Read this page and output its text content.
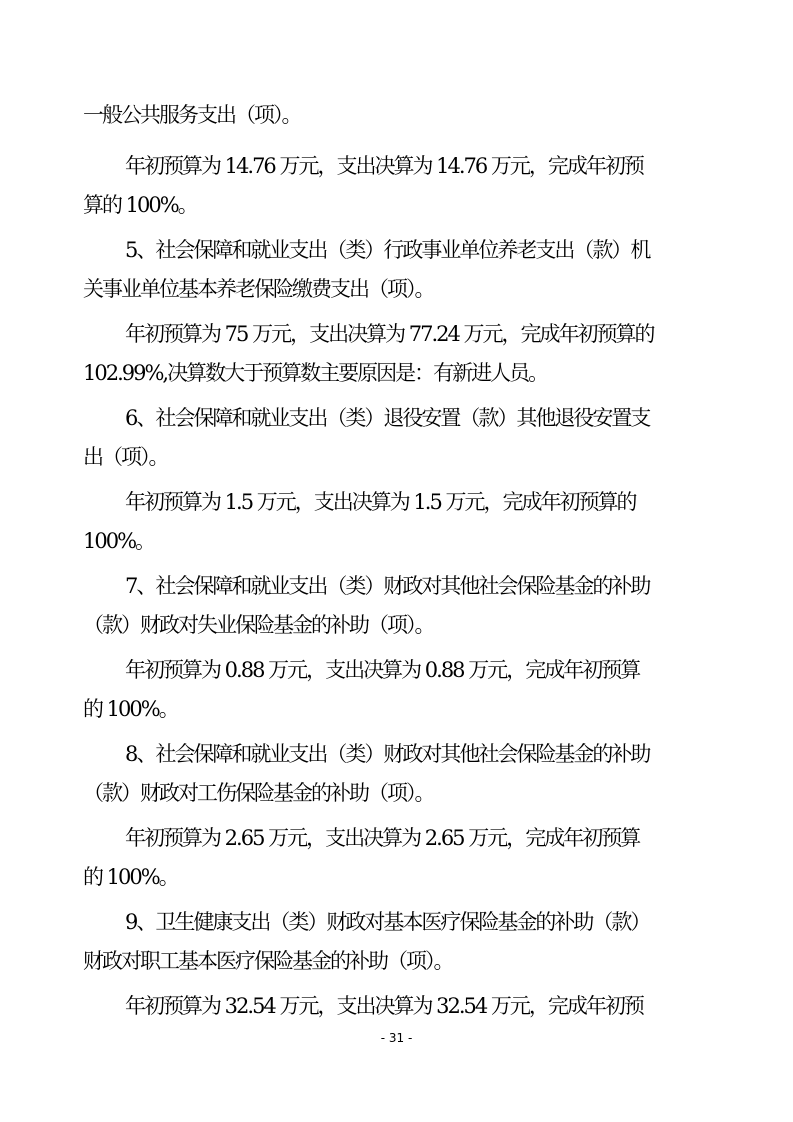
一般公共服务支出（项）。
年初预算为 14.76 万元，支出决算为 14.76 万元，完成年初预
算的 100%。
5、社会保障和就业支出（类）行政事业单位养老支出（款）机
关事业单位基本养老保险缴费支出（项）。
年初预算为 75 万元，支出决算为 77.24 万元，完成年初预算的
102.99%,决算数大于预算数主要原因是：有新进人员。
6、社会保障和就业支出（类）退役安置（款）其他退役安置支
出（项）。
年初预算为 1.5 万元，支出决算为 1.5 万元，完成年初预算的
100%。
7、社会保障和就业支出（类）财政对其他社会保险基金的补助
（款）财政对失业保险基金的补助（项）。
年初预算为 0.88 万元，支出决算为 0.88 万元，完成年初预算
的 100%。
8、社会保障和就业支出（类）财政对其他社会保险基金的补助
（款）财政对工伤保险基金的补助（项）。
年初预算为 2.65 万元，支出决算为 2.65 万元，完成年初预算
的 100%。
9、卫生健康支出（类）财政对基本医疗保险基金的补助（款）
财政对职工基本医疗保险基金的补助（项）。
年初预算为 32.54 万元，支出决算为 32.54 万元，完成年初预
- 31 -
